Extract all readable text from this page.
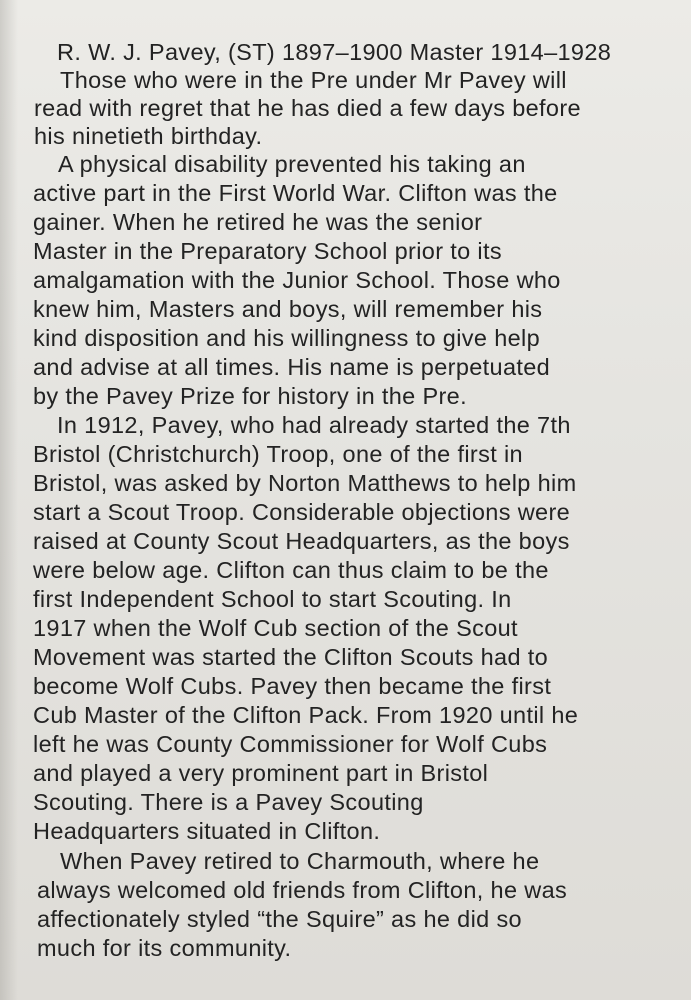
R. W. J. Pavey, (ST) 1897–1900 Master 1914–1928
Those who were in the Pre under Mr Pavey will
read with regret that he has died a few days before
his ninetieth birthday.
A physical disability prevented his taking an
active part in the First World War. Clifton was the
gainer. When he retired he was the senior
Master in the Preparatory School prior to its
amalgamation with the Junior School. Those who
knew him, Masters and boys, will remember his
kind disposition and his willingness to give help
and advise at all times. His name is perpetuated
by the Pavey Prize for history in the Pre.
In 1912, Pavey, who had already started the 7th
Bristol (Christchurch) Troop, one of the first in
Bristol, was asked by Norton Matthews to help him
start a Scout Troop. Considerable objections were
raised at County Scout Headquarters, as the boys
were below age. Clifton can thus claim to be the
first Independent School to start Scouting. In
1917 when the Wolf Cub section of the Scout
Movement was started the Clifton Scouts had to
become Wolf Cubs. Pavey then became the first
Cub Master of the Clifton Pack. From 1920 until he
left he was County Commissioner for Wolf Cubs
and played a very prominent part in Bristol
Scouting. There is a Pavey Scouting
Headquarters situated in Clifton.
When Pavey retired to Charmouth, where he
always welcomed old friends from Clifton, he was
affectionately styled “the Squire” as he did so
much for its community.
